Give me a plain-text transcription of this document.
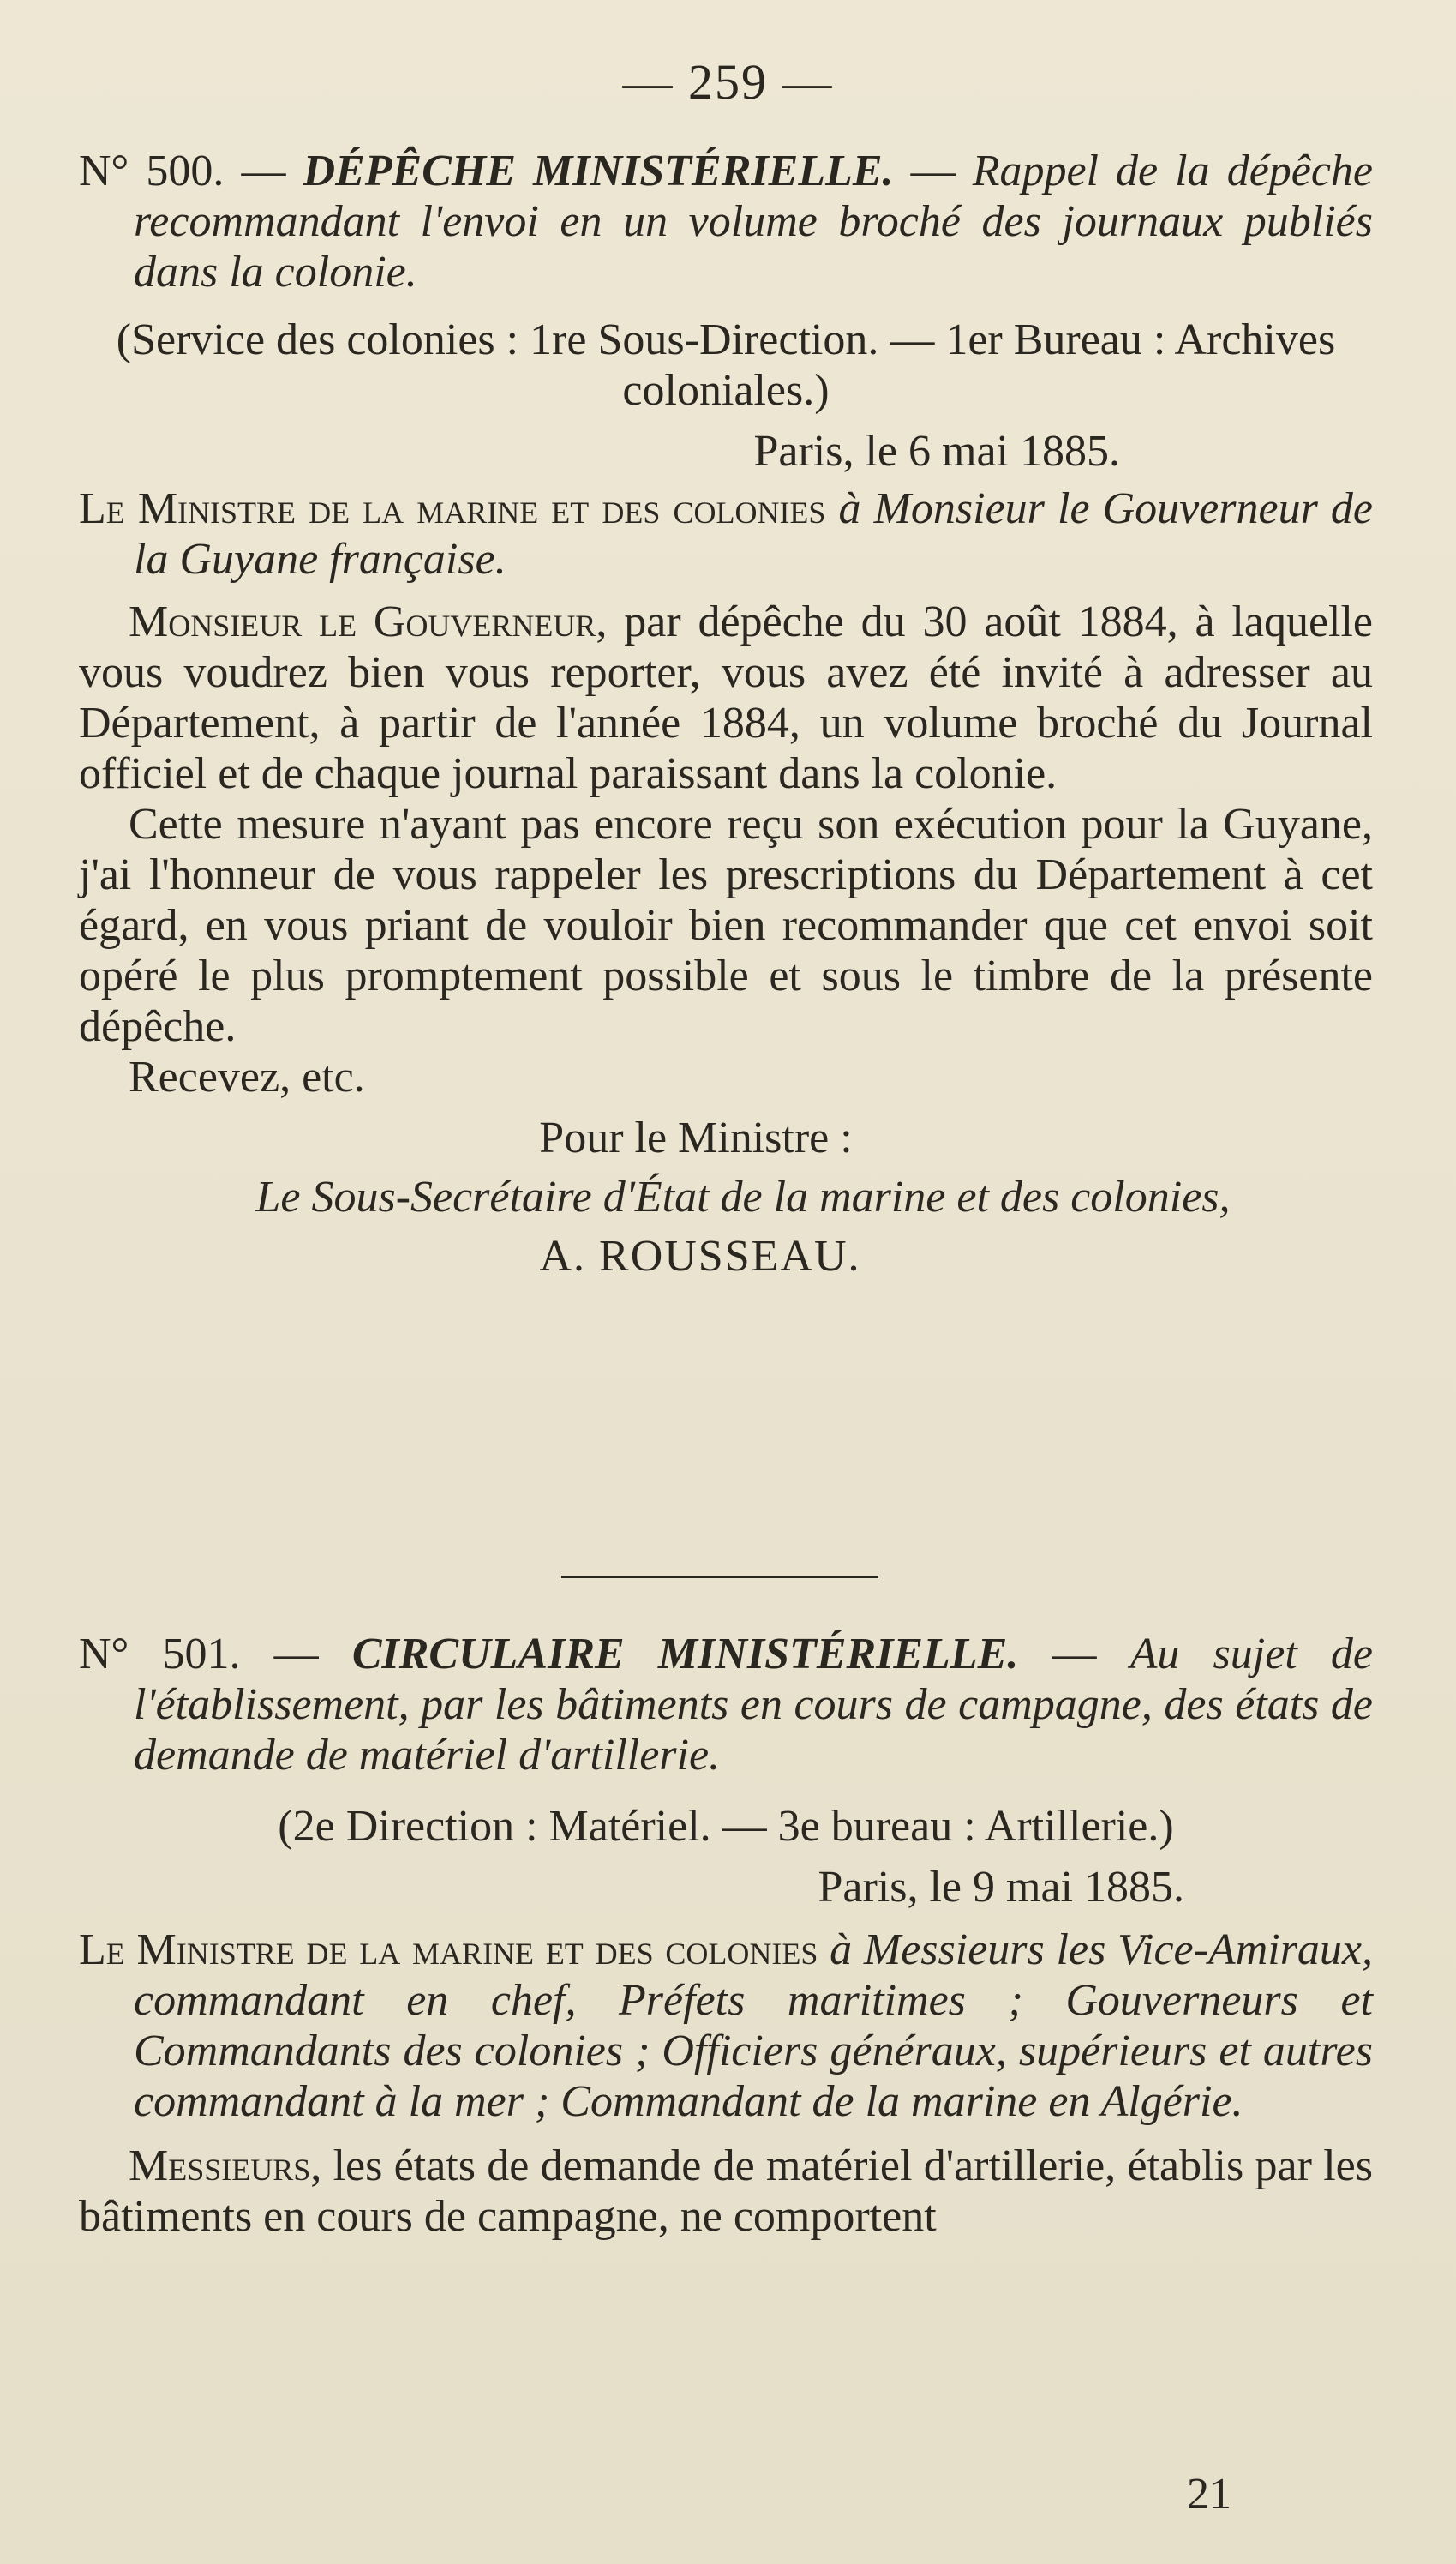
— 259 —

N° 500. — DÉPÊCHE MINISTÉRIELLE. — Rappel de la dépêche recommandant l'envoi en un volume broché des journaux publiés dans la colonie.

(Service des colonies : 1re Sous-Direction. — 1er Bureau : Archives coloniales.)

Paris, le 6 mai 1885.

Le Ministre de la marine et des colonies à Monsieur le Gouverneur de la Guyane française.

Monsieur le Gouverneur, par dépêche du 30 août 1884, à laquelle vous voudrez bien vous reporter, vous avez été invité à adresser au Département, à partir de l'année 1884, un volume broché du Journal officiel et de chaque journal paraissant dans la colonie.

Cette mesure n'ayant pas encore reçu son exécution pour la Guyane, j'ai l'honneur de vous rappeler les prescriptions du Département à cet égard, en vous priant de vouloir bien recommander que cet envoi soit opéré le plus promptement possible et sous le timbre de la présente dépêche.

Recevez, etc.

Pour le Ministre :

Le Sous-Secrétaire d'État de la marine et des colonies,

A. ROUSSEAU.

N° 501. — CIRCULAIRE MINISTÉRIELLE. — Au sujet de l'établissement, par les bâtiments en cours de campagne, des états de demande de matériel d'artillerie.

(2e Direction : Matériel. — 3e bureau : Artillerie.)

Paris, le 9 mai 1885.

Le Ministre de la marine et des colonies à Messieurs les Vice-Amiraux, commandant en chef, Préfets maritimes ; Gouverneurs et Commandants des colonies ; Officiers généraux, supérieurs et autres commandant à la mer ; Commandant de la marine en Algérie.

Messieurs, les états de demande de matériel d'artillerie, établis par les bâtiments en cours de campagne, ne comportent

21
